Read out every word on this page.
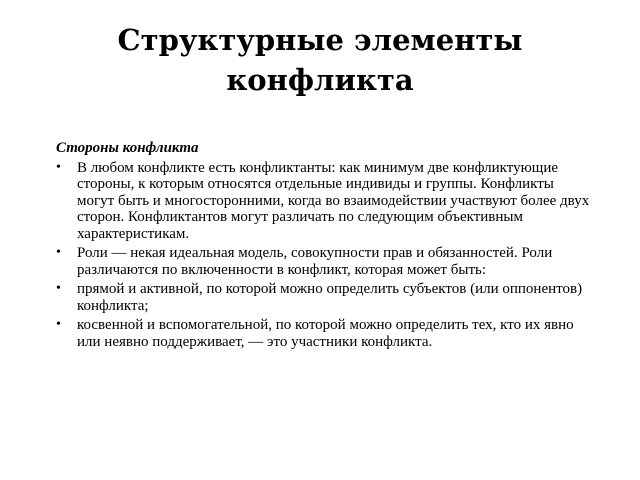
Структурные элементы
конфликта
Стороны конфликта
• В любом конфликте есть конфликтанты: как минимум две конфликтующие стороны, к которым относятся отдельные индивиды и группы. Конфликты могут быть и многосторонними, когда во взаимодействии участвуют более двух сторон. Конфликтантов могут различать по следующим объективным характеристикам.
• Роли — некая идеальная модель, совокупности прав и обязанностей. Роли различаются по включенности в конфликт, которая может быть:
• прямой и активной, по которой можно определить субъектов (или оппонентов) конфликта;
• косвенной и вспомогательной, по которой можно определить тех, кто их явно или неявно поддерживает, — это участники конфликта.
